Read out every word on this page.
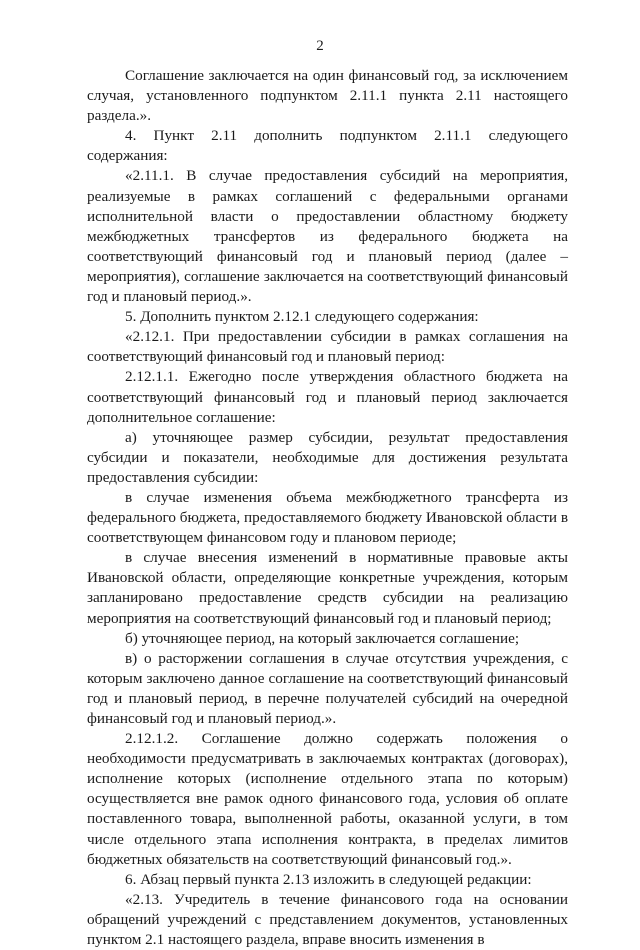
2

Соглашение заключается на один финансовый год, за исключением случая, установленного подпунктом 2.11.1 пункта 2.11 настоящего раздела.».

4. Пункт 2.11 дополнить подпунктом 2.11.1 следующего содержания:

«2.11.1. В случае предоставления субсидий на мероприятия, реализуемые в рамках соглашений с федеральными органами исполнительной власти о предоставлении областному бюджету межбюджетных трансфертов из федерального бюджета на соответствующий финансовый год и плановый период (далее – мероприятия), соглашение заключается на соответствующий финансовый год и плановый период.».

5. Дополнить пунктом 2.12.1 следующего содержания:

«2.12.1. При предоставлении субсидии в рамках соглашения на соответствующий финансовый год и плановый период:

2.12.1.1. Ежегодно после утверждения областного бюджета на соответствующий финансовый год и плановый период заключается дополнительное соглашение:

а) уточняющее размер субсидии, результат предоставления субсидии и показатели, необходимые для достижения результата предоставления субсидии:

в случае изменения объема межбюджетного трансферта из федерального бюджета, предоставляемого бюджету Ивановской области в соответствующем финансовом году и плановом периоде;

в случае внесения изменений в нормативные правовые акты Ивановской области, определяющие конкретные учреждения, которым запланировано предоставление средств субсидии на реализацию мероприятия на соответствующий финансовый год и плановый период;

б) уточняющее период, на который заключается соглашение;

в) о расторжении соглашения в случае отсутствия учреждения, с которым заключено данное соглашение на соответствующий финансовый год и плановый период, в перечне получателей субсидий на очередной финансовый год и плановый период.».

2.12.1.2. Соглашение должно содержать положения о необходимости предусматривать в заключаемых контрактах (договорах), исполнение которых (исполнение отдельного этапа по которым) осуществляется вне рамок одного финансового года, условия об оплате поставленного товара, выполненной работы, оказанной услуги, в том числе отдельного этапа исполнения контракта, в пределах лимитов бюджетных обязательств на соответствующий финансовый год.».

6. Абзац первый пункта 2.13 изложить в следующей редакции:

«2.13. Учредитель в течение финансового года на основании обращений учреждений с представлением документов, установленных пунктом 2.1 настоящего раздела, вправе вносить изменения в
